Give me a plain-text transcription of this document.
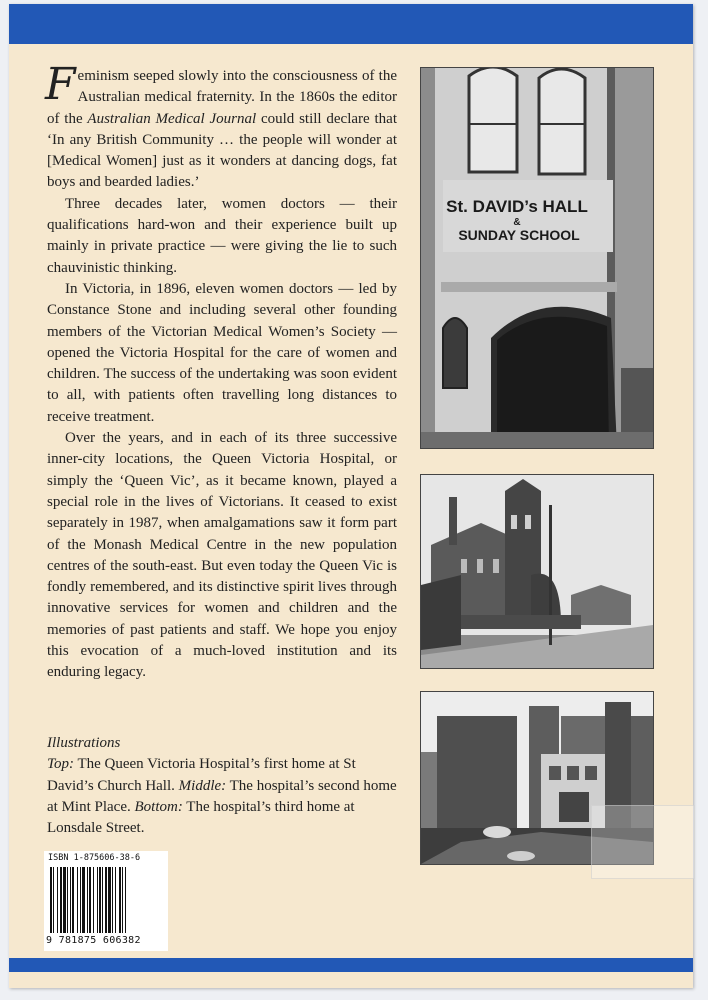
Feminism seeped slowly into the consciousness of the Australian medical fraternity. In the 1860s the editor of the Australian Medical Journal could still declare that ‘In any British Community … the people will wonder at [Medical Women] just as it wonders at dancing dogs, fat boys and bearded ladies.’

Three decades later, women doctors — their qualifications hard-won and their experience built up mainly in private practice — were giving the lie to such chauvinistic thinking.

In Victoria, in 1896, eleven women doctors — led by Constance Stone and including several other founding members of the Victorian Medical Women’s Society — opened the Victoria Hospital for the care of women and children. The success of the undertaking was soon evident to all, with patients often travelling long distances to receive treatment.

Over the years, and in each of its three successive inner-city locations, the Queen Victoria Hospital, or simply the ‘Queen Vic’, as it became known, played a special role in the lives of Victorians. It ceased to exist separately in 1987, when amalgamations saw it form part of the Monash Medical Centre in the new population centres of the south-east. But even today the Queen Vic is fondly remembered, and its distinctive spirit lives through innovative services for women and children and the memories of past patients and staff. We hope you enjoy this evocation of a much-loved institution and its enduring legacy.

Illustrations
Top: The Queen Victoria Hospital’s first home at St David’s Church Hall. Middle: The hospital’s second home at Mint Place. Bottom: The hospital’s third home at Lonsdale Street.
St. DAVID’s HALL
&
SUNDAY SCHOOL
ISBN 1-875606-38-6
9 781875 606382
